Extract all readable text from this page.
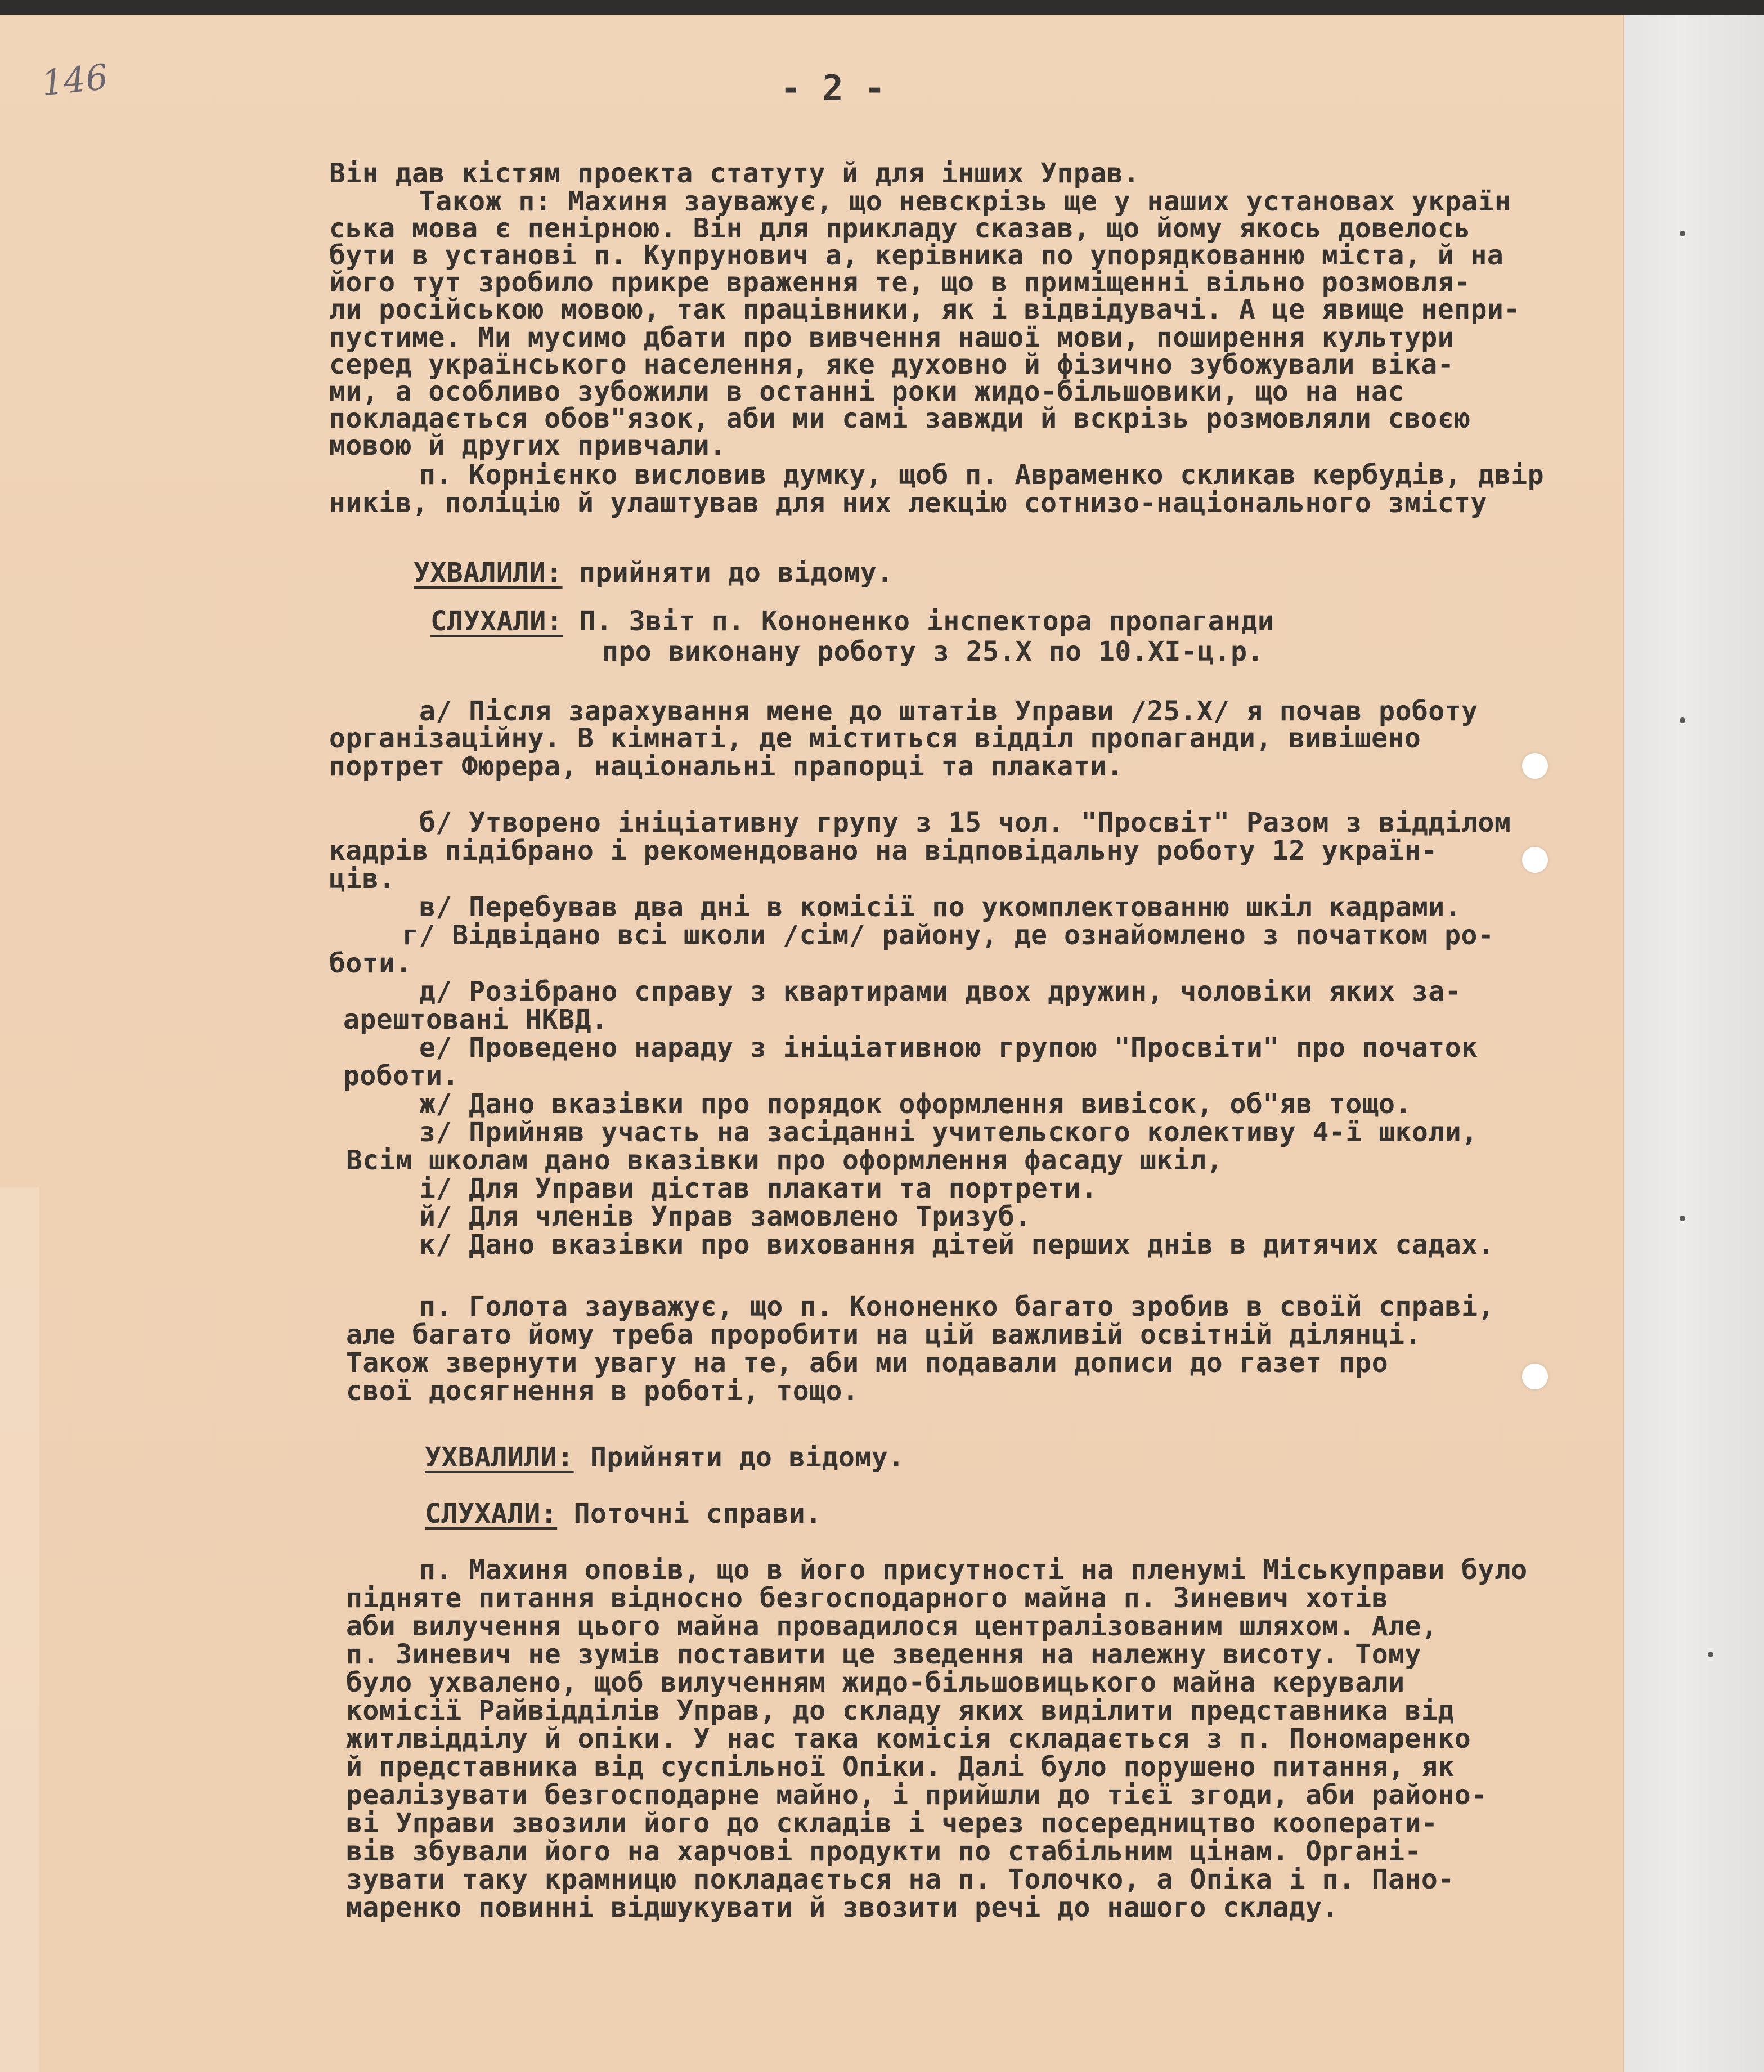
146	- 2 -
Він дав кістям проекта статуту й для інших Управ.
Також п: Махиня зауважує, що невскрізь ще у наших установах україн
ська мова є пенірною. Він для прикладу сказав, що йому якось довелось
бути в установі п. Купрунович а, керівника по упорядкованню міста, й на
його тут зробило прикре враження те, що в приміщенні вільно розмовля-
ли російською мовою, так працівники, як і відвідувачі. А це явище непри-
пустиме. Ми мусимо дбати про вивчення нашої мови, поширення культури
серед українського населення, яке духовно й фізично зубожували віка-
ми, а особливо зубожили в останні роки жидо-більшовики, що на нас
покладається обов"язок, аби ми самі завжди й вскрізь розмовляли своєю
мовою й других привчали.
п. Корнієнко висловив думку, щоб п. Авраменко скликав кербудів, двір
ників, поліцію й улаштував для них лекцію сотнизо-національного змісту
УХВАЛИЛИ: прийняти до відому.
СЛУХАЛИ: П. Звіт п. Кононенко інспектора пропаганди
про виконану роботу з 25.Х по 10.ХІ-ц.р.
а/ Після зарахування мене до штатів Управи /25.Х/ я почав роботу
організаційну. В кімнаті, де міститься відділ пропаганди, вивішено
портрет Фюрера, національні прапорці та плакати.
б/ Утворено ініціативну групу з 15 чол. "Просвіт" Разом з відділом
кадрів підібрано і рекомендовано на відповідальну роботу 12 україн-
ців.
в/ Перебував два дні в комісії по укомплектованню шкіл кадрами.
г/ Відвідано всі школи /сім/ району, де ознайомлено з початком ро-
боти.
д/ Розібрано справу з квартирами двох дружин, чоловіки яких за-
арештовані НКВД.
е/ Проведено нараду з ініціативною групою "Просвіти" про початок
роботи.
ж/ Дано вказівки про порядок оформлення вивісок, об"яв тощо.
з/ Прийняв участь на засіданні учительского колективу 4-ї школи,
Всім школам дано вказівки про оформлення фасаду шкіл,
і/ Для Управи дістав плакати та портрети.
й/ Для членів Управ замовлено Тризуб.
к/ Дано вказівки про виховання дітей перших днів в дитячих садах.
п. Голота зауважує, що п. Кононенко багато зробив в своїй справі,
але багато йому треба проробити на цій важливій освітній ділянці.
Також звернути увагу на те, аби ми подавали дописи до газет про
свої досягнення в роботі, тощо.
УХВАЛИЛИ: Прийняти до відому.
СЛУХАЛИ: Поточні справи.
п. Махиня оповів, що в його присутності на пленумі Міськуправи було
підняте питання відносно безгосподарного майна п. Зиневич хотів
аби вилучення цього майна провадилося централізованим шляхом. Але,
п. Зиневич не зумів поставити це зведення на належну висоту. Тому
було ухвалено, щоб вилученням жидо-більшовицького майна керували
комісії Райвідділів Управ, до складу яких виділити представника від
житлвідділу й опіки. У нас така комісія складається з п. Пономаренко
й представника від суспільної Опіки. Далі було порушено питання, як
реалізувати безгосподарне майно, і прийшли до тієї згоди, аби районо-
ві Управи звозили його до складів і через посередництво кооперати-
вів збували його на харчові продукти по стабільним цінам. Органі-
зувати таку крамницю покладається на п. Толочко, а Опіка і п. Пано-
маренко повинні відшукувати й звозити речі до нашого складу.
